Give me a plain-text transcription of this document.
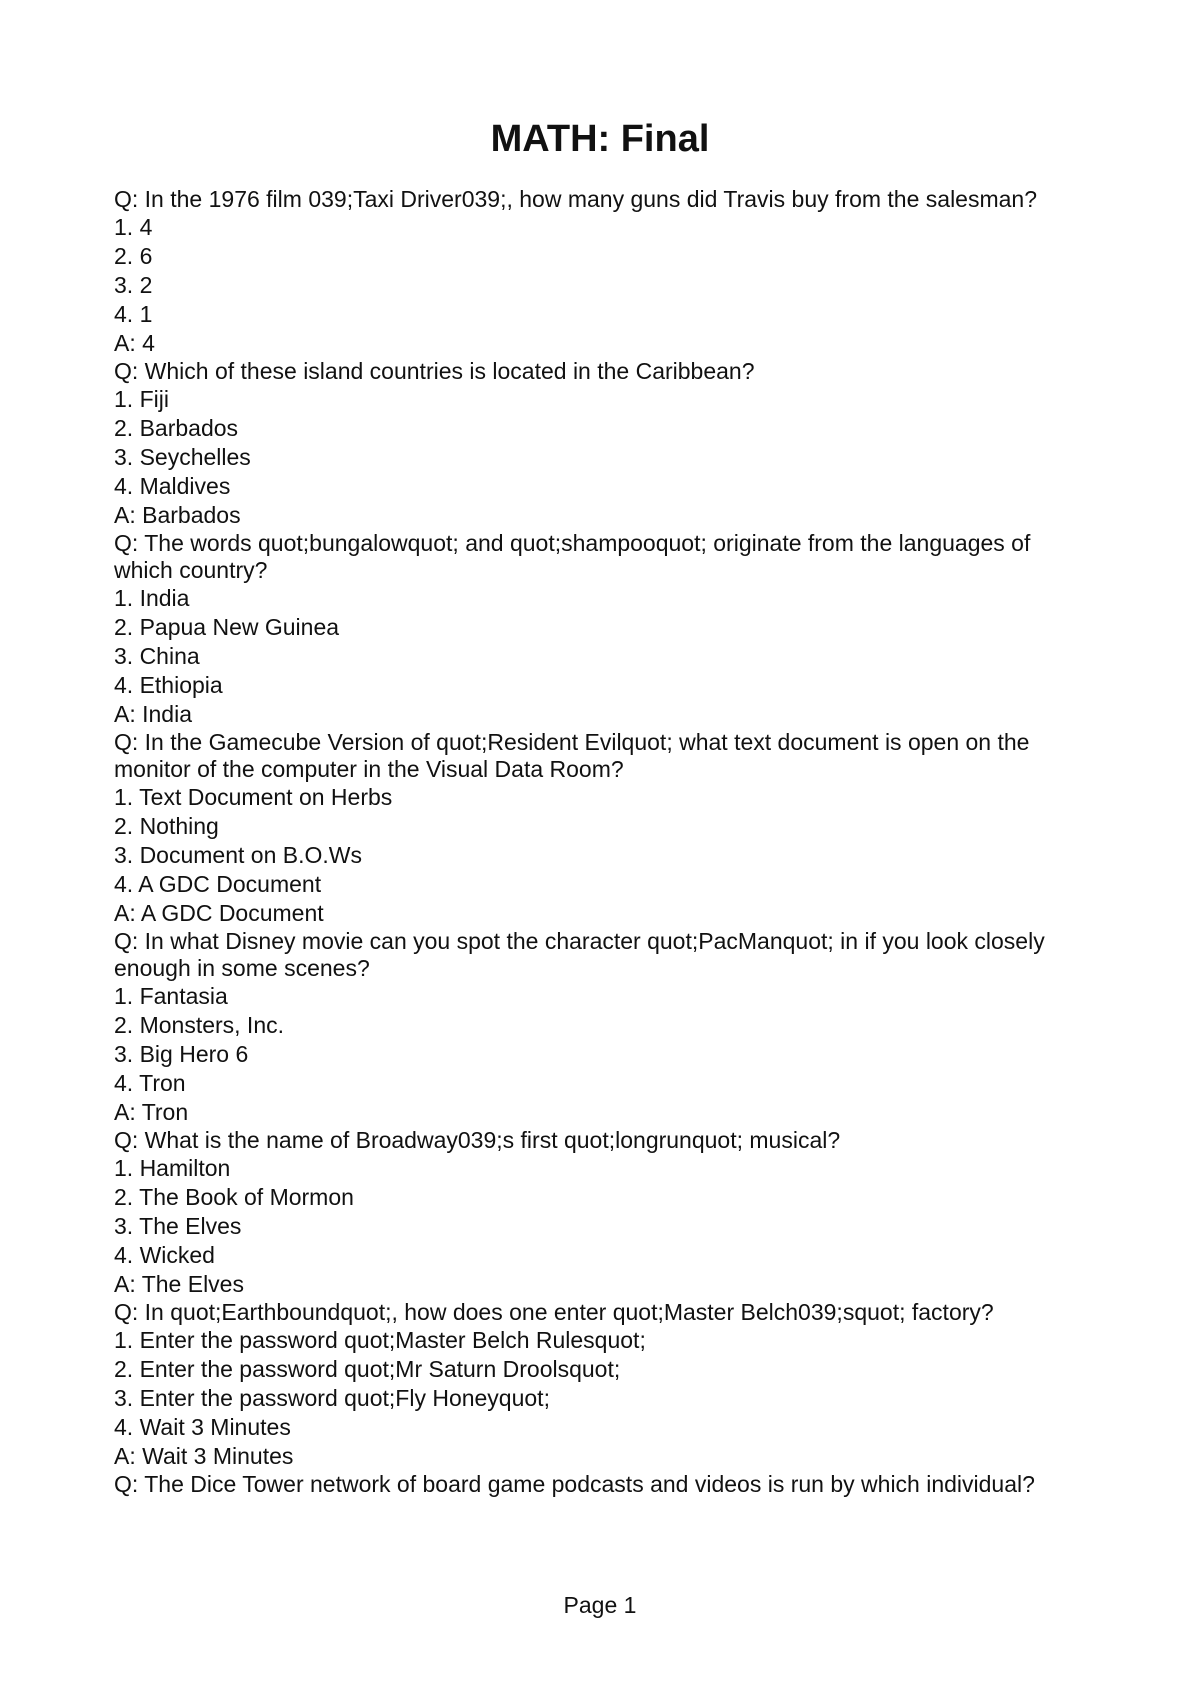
MATH: Final
Q: In the 1976 film 039;Taxi Driver039;, how many guns did Travis buy from the salesman?
1. 4
2. 6
3. 2
4. 1
A: 4
Q: Which of these island countries is located in the Caribbean?
1. Fiji
2. Barbados
3. Seychelles
4. Maldives
A: Barbados
Q: The words quot;bungalowquot; and quot;shampooquot; originate from the languages of which country?
1. India
2. Papua New Guinea
3. China
4. Ethiopia
A: India
Q: In the Gamecube Version of quot;Resident Evilquot; what text document is open on the monitor of the computer in the Visual Data Room?
1. Text Document on Herbs
2. Nothing
3. Document on B.O.Ws
4. A GDC Document
A: A GDC Document
Q: In what Disney movie can you spot the character quot;PacManquot; in if you look closely enough in some scenes?
1. Fantasia
2. Monsters, Inc.
3. Big Hero 6
4. Tron
A: Tron
Q: What is the name of Broadway039;s first quot;longrunquot; musical?
1. Hamilton
2. The Book of Mormon
3. The Elves
4. Wicked
A: The Elves
Q: In quot;Earthboundquot;, how does one enter quot;Master Belch039;squot; factory?
1. Enter the password quot;Master Belch Rulesquot;
2. Enter the password quot;Mr Saturn Droolsquot;
3. Enter the password quot;Fly Honeyquot;
4. Wait 3 Minutes
A: Wait 3 Minutes
Q: The Dice Tower network of board game podcasts and videos is run by which individual?
Page 1
